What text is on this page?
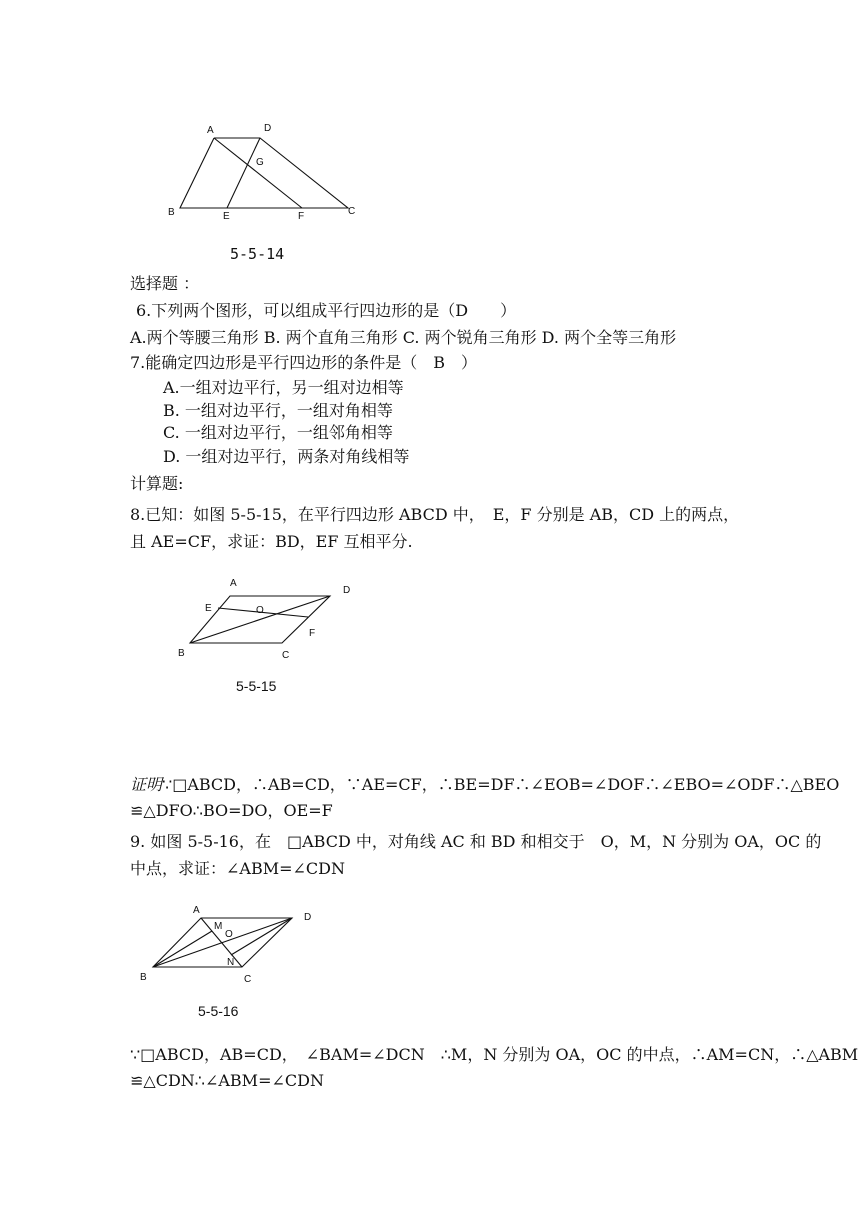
A	D
G
B	E	F	C
5-5-14
选择题 ：
6.下列两个图形，可以组成平行四边形的是（D　　）
A.两个等腰三角形 B. 两个直角三角形 C. 两个锐角三角形 D. 两个全等三角形
7.能确定四边形是平行四边形的条件是（　B　）
A.一组对边平行，另一组对边相等
B. 一组对边平行，一组对角相等
C. 一组对边平行，一组邻角相等
D. 一组对边平行，两条对角线相等
计算题:
8.已知：如图 5-5-15，在平行四边形 ABCD 中，　E，F 分别是 AB，CD 上的两点，
且 AE=CF，求证：BD，EF 互相平分.
A
D
E	O
F
B	C
5-5-15
证明∵□ABCD，∴AB=CD，∵AE=CF，∴BE=DF∴∠EOB=∠DOF∴∠EBO=∠ODF∴△BEO
≌△DFO∴BO=DO，OE=F
9. 如图 5-5-16，在　□ABCD 中，对角线 AC 和 BD 和相交于　O，M，N 分别为 OA，OC 的
中点，求证：∠ABM=∠CDN
A
M
O
D
N
B	C
5-5-16
∵□ABCD，AB=CD，　∠BAM=∠DCN　∴M，N 分别为 OA，OC 的中点，∴AM=CN，∴△ABM
≌△CDN∴∠ABM=∠CDN
